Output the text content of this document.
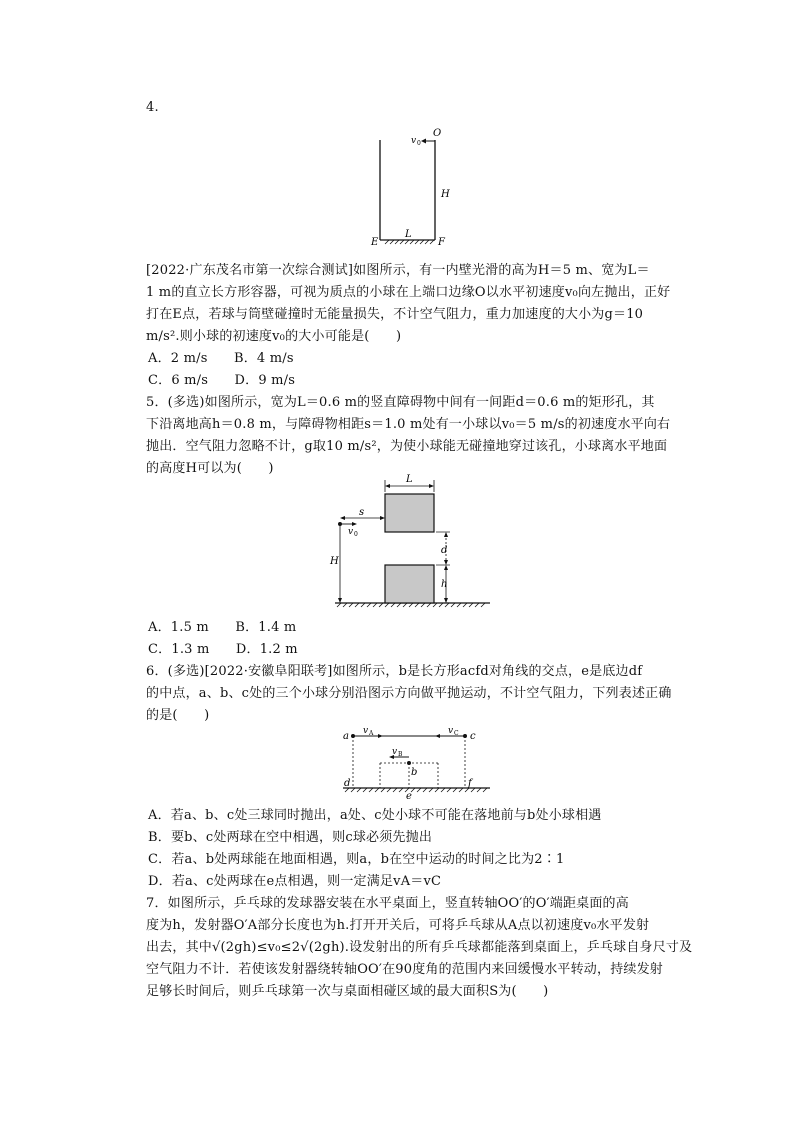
4.
v 0
O
H
E
L
F
[2022·广东茂名市第一次综合测试]如图所示，有一内壁光滑的高为H＝5 m、宽为L＝
1 m的直立长方形容器，可视为质点的小球在上端口边缘O以水平初速度v₀向左抛出，正好
打在E点，若球与筒壁碰撞时无能量损失，不计空气阻力，重力加速度的大小为g＝10
m/s².则小球的初速度v₀的大小可能是(　　)
A．2 m/s　　B．4 m/s
C．6 m/s　　D．9 m/s
5．(多选)如图所示，宽为L＝0.6 m的竖直障碍物中间有一间距d＝0.6 m的矩形孔，其
下沿离地高h＝0.8 m，与障碍物相距s＝1.0 m处有一小球以v₀＝5 m/s的初速度水平向右
抛出．空气阻力忽略不计，g取10 m/s²，为使小球能无碰撞地穿过该孔，小球离水平地面
的高度H可以为(　　)
L
s
v 0
H
d
h
A．1.5 m　　B．1.4 m
C．1.3 m　　D．1.2 m
6．(多选)[2022·安徽阜阳联考]如图所示，b是长方形acfd对角线的交点，e是底边df
的中点，a、b、c处的三个小球分别沿图示方向做平抛运动，不计空气阻力，下列表述正确
的是(　　)
a	c
b
d
e
f
v A	v C
v B
A．若a、b、c处三球同时抛出，a处、c处小球不可能在落地前与b处小球相遇
B．要b、c处两球在空中相遇，则c球必须先抛出
C．若a、b处两球能在地面相遇，则a，b在空中运动的时间之比为2∶1
D．若a、c处两球在e点相遇，则一定满足vA＝vC
7．如图所示，乒乓球的发球器安装在水平桌面上，竖直转轴OO′的O′端距桌面的高
度为h，发射器O′A部分长度也为h.打开开关后，可将乒乓球从A点以初速度v₀水平发射
出去，其中√(2gh)≤v₀≤2√(2gh).设发射出的所有乒乓球都能落到桌面上，乒乓球自身尺寸及
空气阻力不计．若使该发射器绕转轴OO′在90度角的范围内来回缓慢水平转动，持续发射
足够长时间后，则乒乓球第一次与桌面相碰区域的最大面积S为(　　)
